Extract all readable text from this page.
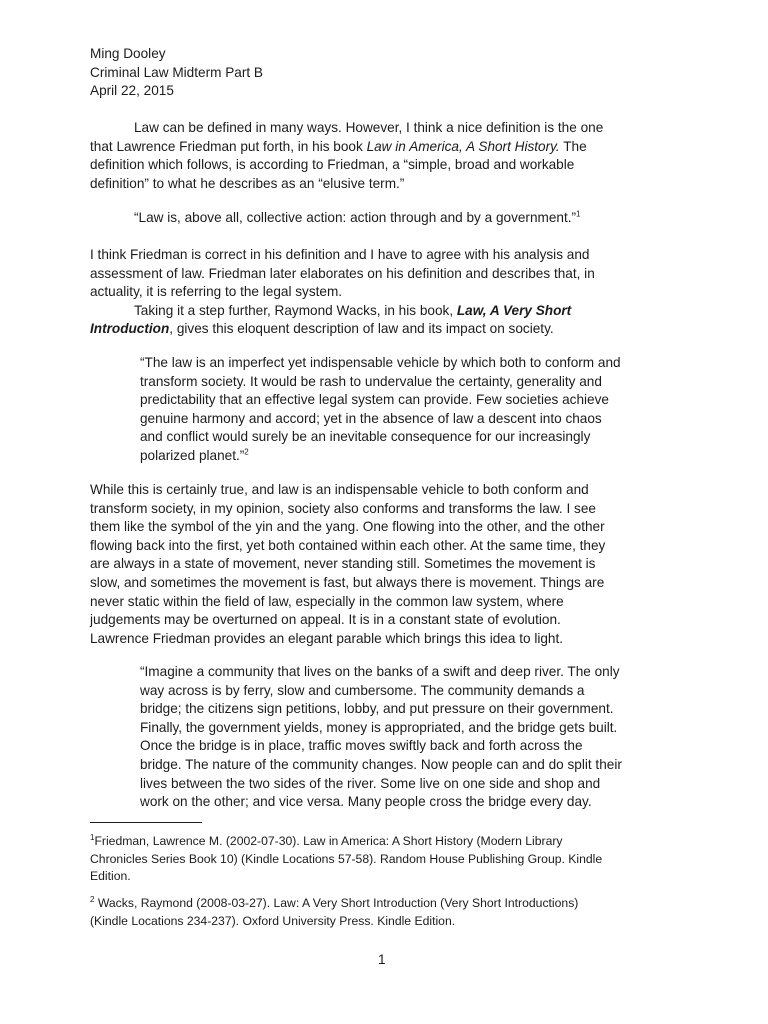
Ming Dooley
Criminal Law Midterm Part B
April 22, 2015
Law can be defined in many ways. However, I think a nice definition is the one
that Lawrence Friedman put forth, in his book Law in America, A Short History. The
definition which follows, is according to Friedman, a “simple, broad and workable
definition” to what he describes as an “elusive term.”
“Law is, above all, collective action: action through and by a government.”$^1$
I think Friedman is correct in his definition and I have to agree with his analysis and
assessment of law. Friedman later elaborates on his definition and describes that, in
actuality, it is referring to the legal system.
Taking it a step further, Raymond Wacks, in his book, Law, A Very Short
Introduction, gives this eloquent description of law and its impact on society.
“The law is an imperfect yet indispensable vehicle by which both to conform and
transform society. It would be rash to undervalue the certainty, generality and
predictability that an effective legal system can provide. Few societies achieve
genuine harmony and accord; yet in the absence of law a descent into chaos
and conflict would surely be an inevitable consequence for our increasingly
polarized planet.”$^2$
While this is certainly true, and law is an indispensable vehicle to both conform and
transform society, in my opinion, society also conforms and transforms the law. I see
them like the symbol of the yin and the yang. One flowing into the other, and the other
flowing back into the first, yet both contained within each other. At the same time, they
are always in a state of movement, never standing still. Sometimes the movement is
slow, and sometimes the movement is fast, but always there is movement. Things are
never static within the field of law, especially in the common law system, where
judgements may be overturned on appeal. It is in a constant state of evolution.
Lawrence Friedman provides an elegant parable which brings this idea to light.
“Imagine a community that lives on the banks of a swift and deep river. The only
way across is by ferry, slow and cumbersome. The community demands a
bridge; the citizens sign petitions, lobby, and put pressure on their government.
Finally, the government yields, money is appropriated, and the bridge gets built.
Once the bridge is in place, traffic moves swiftly back and forth across the
bridge. The nature of the community changes. Now people can and do split their
lives between the two sides of the river. Some live on one side and shop and
work on the other; and vice versa. Many people cross the bridge every day.
$^1$Friedman, Lawrence M. (2002-07-30). Law in America: A Short History (Modern Library
Chronicles Series Book 10) (Kindle Locations 57-58). Random House Publishing Group. Kindle
Edition.
$^2$ Wacks, Raymond (2008-03-27). Law: A Very Short Introduction (Very Short Introductions)
(Kindle Locations 234-237). Oxford University Press. Kindle Edition.
1
